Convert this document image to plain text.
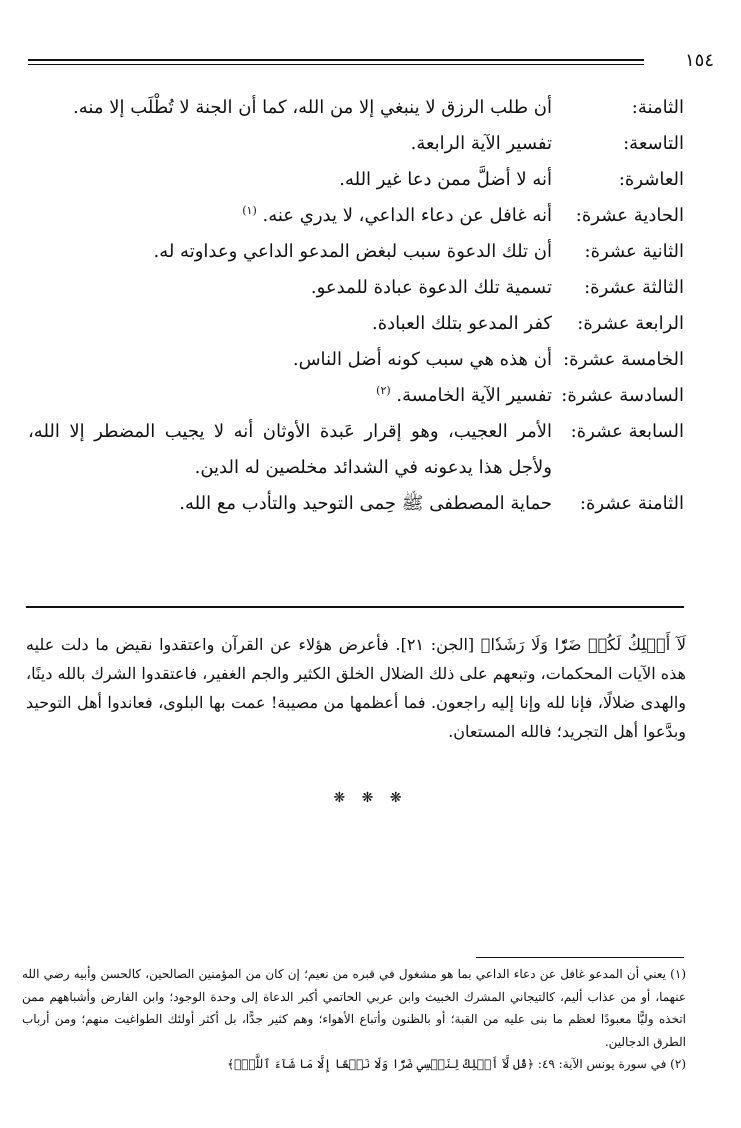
١٥٤
الثامنة:
أن طلب الرزق لا ينبغي إلا من الله، كما أن الجنة لا تُطْلَب إلا منه.
التاسعة:
تفسير الآية الرابعة.
العاشرة:
أنه لا أضلَّ ممن دعا غير الله.
الحادية عشرة:
أنه غافل عن دعاء الداعي، لا يدري عنه. $^{(١)}$
الثانية عشرة:
أن تلك الدعوة سبب لبغض المدعو الداعي وعداوته له.
الثالثة عشرة:
تسمية تلك الدعوة عبادة للمدعو.
الرابعة عشرة:
كفر المدعو بتلك العبادة.
الخامسة عشرة:
أن هذه هي سبب كونه أضل الناس.
السادسة عشرة:
تفسير الآية الخامسة. $^{(٢)}$
السابعة عشرة:
الأمر العجيب، وهو إقرار عَبدة الأوثان أنه لا يجيب المضطر إلا الله، ولأجل هذا يدعونه في الشدائد مخلصين له الدين.
الثامنة عشرة:
حماية المصطفى ﷺ حِمى التوحيد والتأدب مع الله.

لَآ أَمۡلِكُ لَكُمۡ ضَرّٗا وَلَا رَشَدٗا﴾ [الجن: ٢١]. فأعرض هؤلاء عن القرآن واعتقدوا نقيض ما دلت عليه هذه الآيات المحكمات، وتبعهم على ذلك الضلال الخلق الكثير والجم الغفير، فاعتقدوا الشرك بالله دينًا، والهدى ضلالًا، فإنا لله وإنا إليه راجعون. فما أعظمها من مصيبة! عمت بها البلوى، فعاندوا أهل التوحيد وبدَّعوا أهل التجريد؛ فالله المستعان.

❋ ❋ ❋
(١) يعني أن المدعو غافل عن دعاء الداعي بما هو مشغول في قبره من نعيم؛ إن كان من المؤمنين الصالحين، كالحسن وأبيه رضي الله عنهما، أو من عذاب أليم، كالتيجاني المشرك الخبيث وابن عربي الحاتمي أكبر الدعاة إلى وحدة الوجود؛ وابن الفارض وأشباههم ممن اتخذه وليًّا معبودًا لعظم ما بنى عليه من القبة؛ أو بالظنون وأتباع الأهواء؛ وهم كثير جدًّا، بل أكثر أولئك الطواغيت منهم؛ ومن أرباب الطرق الدجالين.
(٢) في سورة يونس الآية: ٤٩: ﴿قُل لَّآ أَمۡلِكُ لِنَفۡسِي ضَرّٗا وَلَا نَفۡعًا إِلَّا مَا شَآءَ ٱللَّهُۗ﴾
